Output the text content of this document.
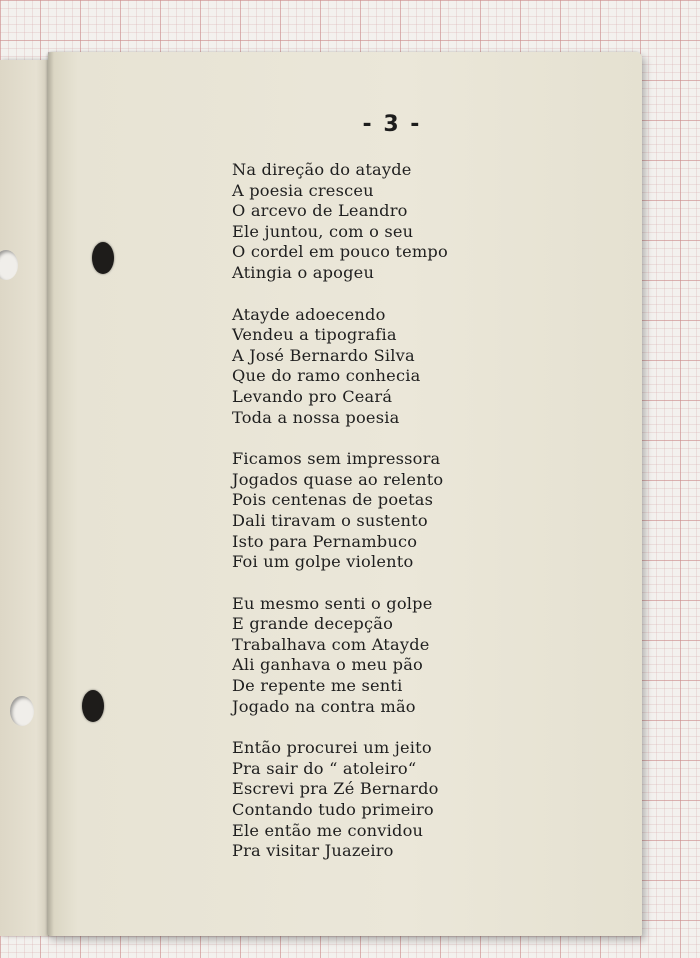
- 3 -
Na direção do atayde
A poesia cresceu
O arcevo de Leandro
Ele juntou, com o seu
O cordel em pouco tempo
Atingia o apogeu
Atayde adoecendo
Vendeu a tipografia
A José Bernardo Silva
Que do ramo conhecia
Levando pro Ceará
Toda a nossa poesia
Ficamos sem impressora
Jogados quase ao relento
Pois centenas de poetas
Dali tiravam o sustento
Isto para Pernambuco
Foi um golpe violento
Eu mesmo senti o golpe
E grande decepção
Trabalhava com Atayde
Ali ganhava o meu pão
De repente me senti
Jogado na contra mão
Então procurei um jeito
Pra sair do “ atoleiro“
Escrevi pra Zé Bernardo
Contando tudo primeiro
Ele então me convidou
Pra visitar Juazeiro
